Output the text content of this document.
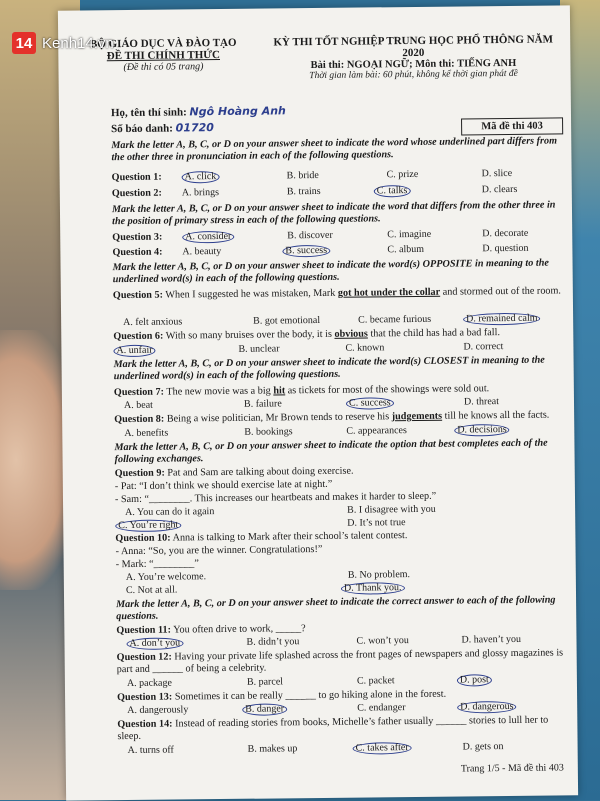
14 Kenh14.vn
BỘ GIÁO DỤC VÀ ĐÀO TẠO
ĐỀ THI CHÍNH THỨC
(Đề thi có 05 trang)
KỲ THI TỐT NGHIỆP TRUNG HỌC PHỔ THÔNG NĂM 2020
Bài thi: NGOẠI NGỮ; Môn thi: TIẾNG ANH
Thời gian làm bài: 60 phút, không kể thời gian phát đề
Họ, tên thí sinh: Ngô Hoàng Anh
Số báo danh: 01720	Mã đề thi 403
Mark the letter A, B, C, or D on your answer sheet to indicate the word whose underlined part differs from the other three in pronunciation in each of the following questions.
Question 1: A. click	B. bride	C. prize	D. slice
Question 2: A. brings	B. trains	C. talks	D. clears
Mark the letter A, B, C, or D on your answer sheet to indicate the word that differs from the other three in the position of primary stress in each of the following questions.
Question 3: A. consider	B. discover	C. imagine	D. decorate
Question 4: A. beauty	B. success	C. album	D. question
Mark the letter A, B, C, or D on your answer sheet to indicate the word(s) OPPOSITE in meaning to the underlined word(s) in each of the following questions.
Question 5: When I suggested he was mistaken, Mark got hot under the collar and stormed out of the room.
A. felt anxious	B. got emotional	C. became furious	D. remained calm
Question 6: With so many bruises over the body, it is obvious that the child has had a bad fall.
A. unfair	B. unclear	C. known	D. correct
Mark the letter A, B, C, or D on your answer sheet to indicate the word(s) CLOSEST in meaning to the underlined word(s) in each of the following questions.
Question 7: The new movie was a big hit as tickets for most of the showings were sold out.
A. beat	B. failure	C. success	D. threat
Question 8: Being a wise politician, Mr Brown tends to reserve his judgements till he knows all the facts.
A. benefits	B. bookings	C. appearances	D. decisions
Mark the letter A, B, C, or D on your answer sheet to indicate the option that best completes each of the following exchanges.
Question 9: Pat and Sam are talking about doing exercise.
- Pat: “I don’t think we should exercise late at night.”
- Sam: “________. This increases our heartbeats and makes it harder to sleep.”
A. You can do it again	B. I disagree with you
C. You’re right	D. It’s not true
Question 10: Anna is talking to Mark after their school’s talent contest.
- Anna: “So, you are the winner. Congratulations!”
- Mark: “________”
A. You’re welcome.	B. No problem.
C. Not at all.	D. Thank you.
Mark the letter A, B, C, or D on your answer sheet to indicate the correct answer to each of the following questions.
Question 11: You often drive to work, _____?
A. don’t you	B. didn’t you	C. won’t you	D. haven’t you
Question 12: Having your private life splashed across the front pages of newspapers and glossy magazines is part and ______ of being a celebrity.
A. package	B. parcel	C. packet	D. post
Question 13: Sometimes it can be really ______ to go hiking alone in the forest.
A. dangerously	B. danger	C. endanger	D. dangerous
Question 14: Instead of reading stories from books, Michelle’s father usually ______ stories to lull her to sleep.
A. turns off	B. makes up	C. takes after	D. gets on
Trang 1/5 - Mã đề thi 403
